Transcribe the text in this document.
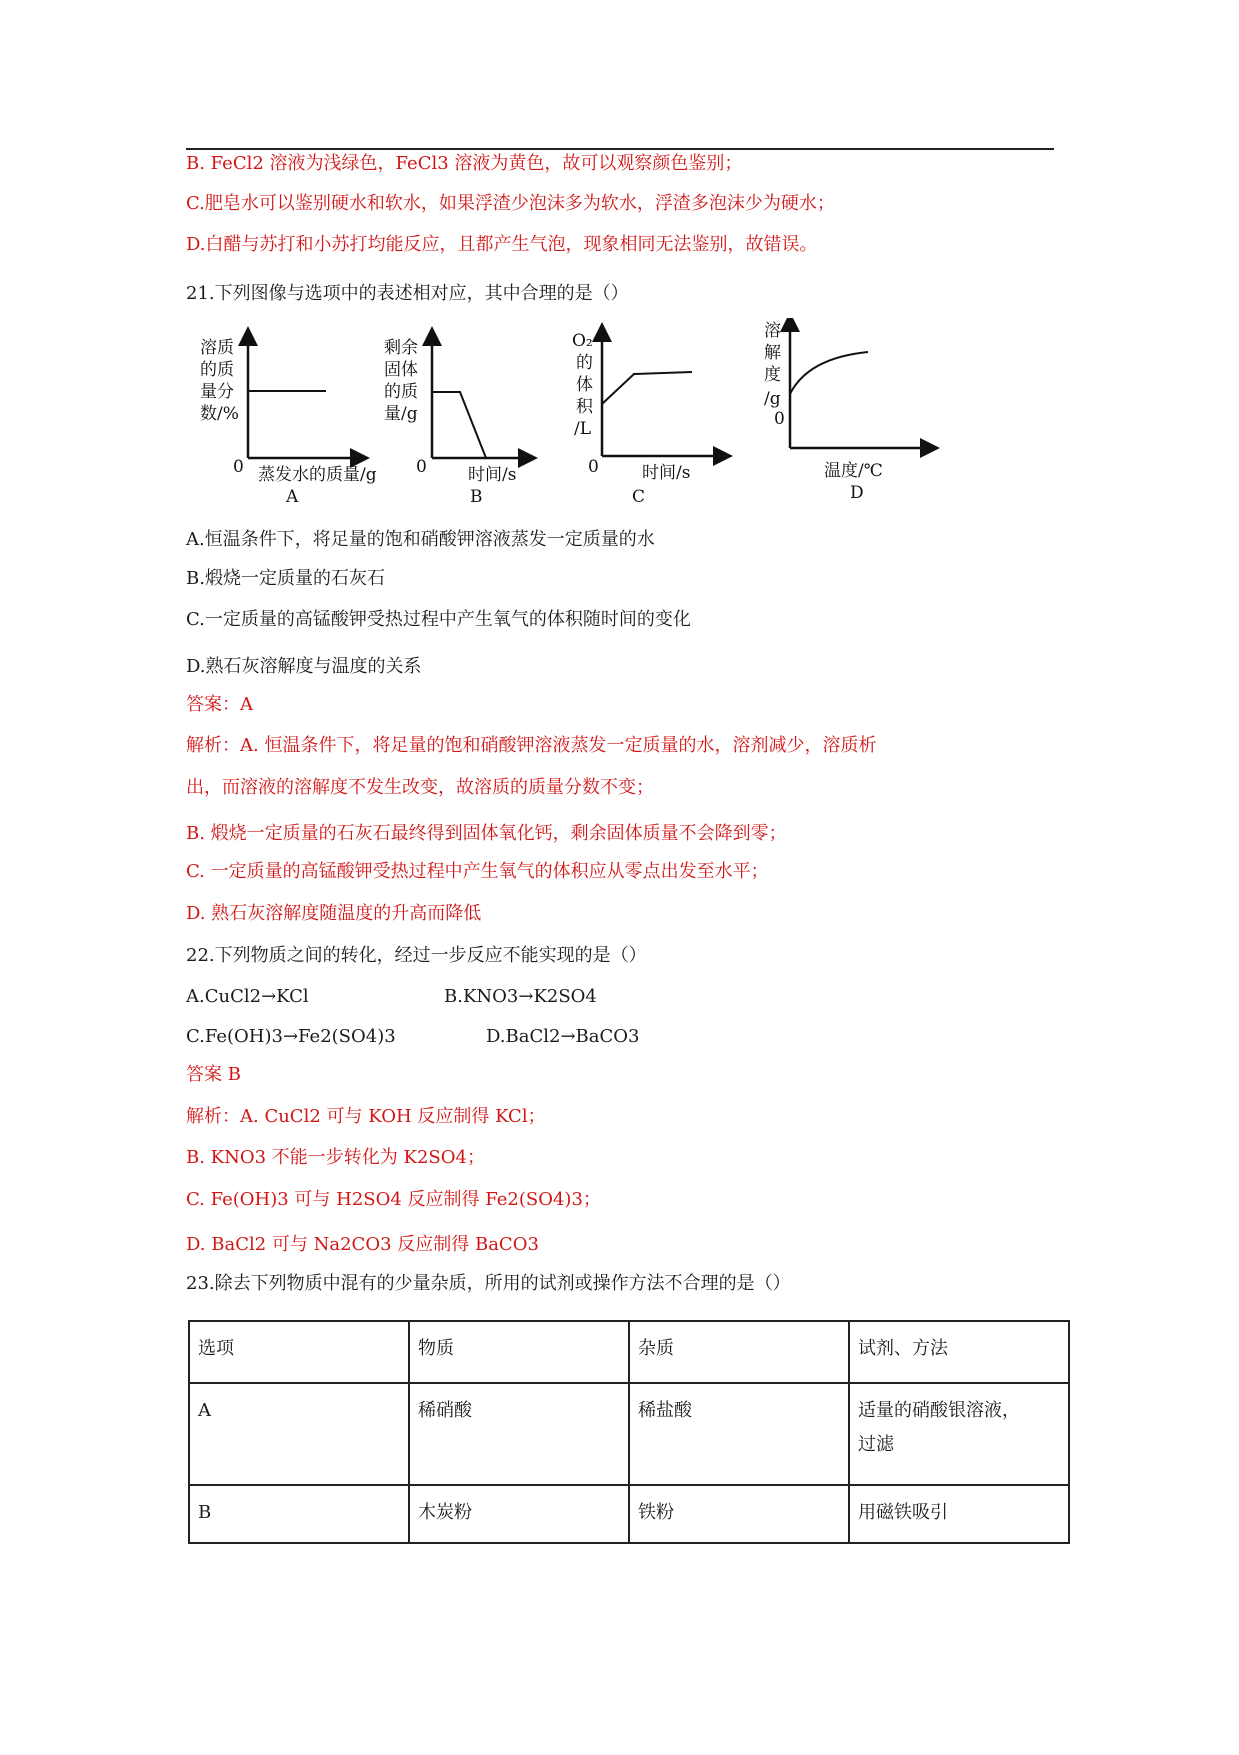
B. FeCl2 溶液为浅绿色，FeCl3 溶液为黄色，故可以观察颜色鉴别；
C.肥皂水可以鉴别硬水和软水，如果浮渣少泡沫多为软水，浮渣多泡沫少为硬水；
D.白醋与苏打和小苏打均能反应，且都产生气泡，现象相同无法鉴别，故错误。
21.下列图像与选项中的表述相对应，其中合理的是（）
溶质
的质
量分
数/%
0 蒸发水的质量/g
A
剩余
固体
的质
量/g
0 时间/s
B
O₂
的
体
积
/L
0	时间/s
C
溶
解
度
/g
0
温度/℃
D
A.恒温条件下，将足量的饱和硝酸钾溶液蒸发一定质量的水
B.煅烧一定质量的石灰石
C.一定质量的高锰酸钾受热过程中产生氧气的体积随时间的变化
D.熟石灰溶解度与温度的关系
答案：A
解析：A. 恒温条件下，将足量的饱和硝酸钾溶液蒸发一定质量的水，溶剂减少，溶质析
出，而溶液的溶解度不发生改变，故溶质的质量分数不变；
B. 煅烧一定质量的石灰石最终得到固体氧化钙，剩余固体质量不会降到零；
C. 一定质量的高锰酸钾受热过程中产生氧气的体积应从零点出发至水平；
D. 熟石灰溶解度随温度的升高而降低
22.下列物质之间的转化，经过一步反应不能实现的是（）
A.CuCl2→KCl	B.KNO3→K2SO4
C.Fe(OH)3→Fe2(SO4)3	D.BaCl2→BaCO3
答案 B
解析：A. CuCl2 可与 KOH 反应制得 KCl；
B. KNO3 不能一步转化为 K2SO4；
C. Fe(OH)3 可与 H2SO4 反应制得 Fe2(SO4)3；
D. BaCl2 可与 Na2CO3 反应制得 BaCO3
23.除去下列物质中混有的少量杂质，所用的试剂或操作方法不合理的是（）
选项	物质	杂质	试剂、方法
A	稀硝酸	稀盐酸	适量的硝酸银溶液，
过滤

B	木炭粉	铁粉	用磁铁吸引
